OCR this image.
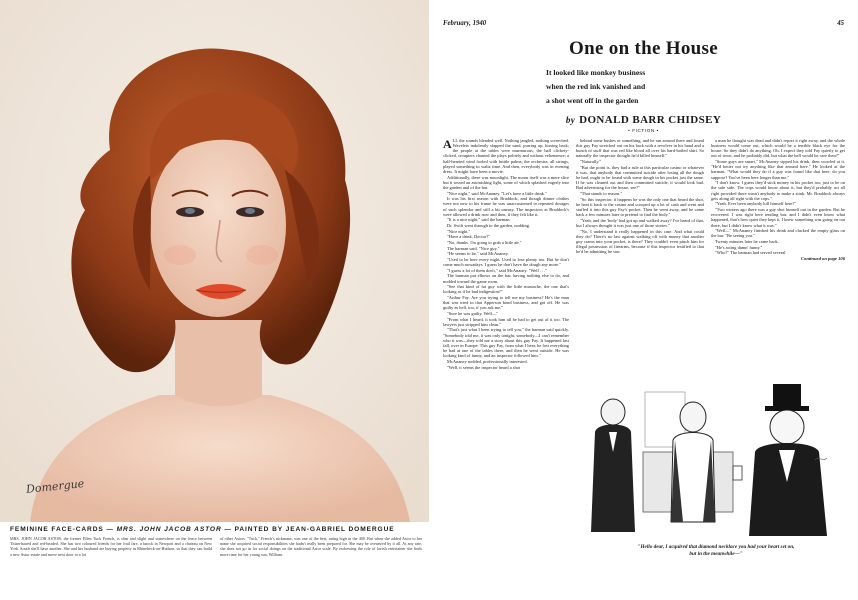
Domergue
FEMININE FACE-CARDS — MRS. JOHN JACOB ASTOR — PAINTED BY JEAN-GABRIEL DOMERGUE
MRS. JOHN JACOB ASTOR, the former Ellen Tuck French, is slim and slight and somewhere on the fence between Titian-haired and red-headed. She has two coloured friends for her frail fare, a knock in Newport and a chateau on New York. South she'll have another. She and her husband are buying property in Rhinebeck-on-Hudson, so that they can build a new Astor estate and move next door to a lot
of other Astors. "Tuck," French's nickname, was one of the best, rating high in the 400. But when she added Astor to her name she acquired social responsibilities she hadn't really been prepared for. She may be overawed by it all. At any rate, she does not go in for social doings on the traditional Astor scale. By eschewing the role of lavish entertainer she finds more time for her young son, William.
February, 1940	45
One on the House
It looked like monkey business
when the red ink vanished and
a shot went off in the garden
by DONALD BARR CHIDSEY
• FICTION •

ALL the sounds blended well. Nothing jangled, nothing screeched. Wavelets indolently slapped the sand, purring up, kissing back; the people at the tables were murmurous, the ball clickety-clicked, croupiers chanted the plays politely and without vehemence; a half-hearted wind fooled with brittle palms; the orchestra, all strings, played something in waltz time. And then, everybody was in evening dress. It might have been a movie.

Additionally, there was moonlight. The moon itself was a mere slice but it tossed an astonishing light, some of which splashed eagerly into the garden and of the bar.

"Nice night," said McAnaney. "Let's have a little drink."

It was his first season with Braddock, and though dinner clothes were not new to his frame he was unaccustomed to repeated dosages of such splendor and still a bit uneasy. The inspectors at Braddock's were allowed a drink now and then, if they felt like it.

"It is a nice night," said the barman.

Dr. Swift went through to the garden, nodding.

"Nice night."

"Have a drink, Doctor?"

"No, thanks. I'm going to grab a little air."

The barman said, "Nice guy."

"He seems to be," said McAnaney.

"Used to be here every night. Used to lose plenty too. But he don't come much nowadays. I guess he don't have the dough any more."

"I guess a lot of them don't," said McAnaney. "Well . . ."

The barman put elbows on the bar, having nothing else to do, and nodded toward the game room.

"See that kind of fat guy with the little mustache, the one that's looking as if he had indigestion?"

"Arthur Fay. Are you trying to tell me my business? He's the man that was tried in that Apperson bond business, and got off. He was guilty as hell, too, if you ask me."

"Sure he was guilty. Well—"

"From what I heard, it took him all he had to get out of it too. The lawyers just stripped him clean."

"That's just what I been trying to tell you," the barman said quickly. "Somebody told me, it was only tonight, somebody—I can't remember who it was—they told me a story about this guy Fay. It happened last fall, over in Europe. This guy Fay, from what I hear, he lost everything he had at one of the tables there, and then he went outside. He was looking kind of funny, and an inspector followed him."

McAnaney nodded, professionally interested.

"Well, it seems the inspector heard a shot

behind some bushes or something, and he ran around there and found this guy Fay stretched out on his back with a revolver in his hand and a bunch of stuff that was red like blood all over his hard-boiled shirt. So naturally the inspector thought he'd killed himself."

"Naturally."

"But the point is, they had a rule at this particular casino or whatever it was, that anybody that committed suicide after losing all the dough he had, ought to be found with some dough in his pocket just the same. If he was cleaned out and then committed suicide, it would look bad. Bad advertising for the house, see?"

"That stands to reason."

"So this inspector, it happens he was the only one that heard the shot, he beat it back to the casino and scooped up a lot of cash and went and stuffed it into this guy Fay's pocket. Then he went away, and he came back a few minutes later to pretend to find the body."

"Yeah, and the 'body' had got up and walked away? I've heard of that, but I always thought it was just one of those stories."

"No, I understand it really happened in this case. And what could they do? There's no law against walking off with money that another guy crams into your pocket, is there? They couldn't even pinch him for illegal possession of firearms, because if this inspector testified to that he'd be admitting he saw

a man he thought was dead and didn't report it right away, and the whole business would come out, which would be a terrible black eye for the house. So they didn't do anything. Oh, I expect they told Fay quietly to get out of town, and he probably did, but what the hell would he care then?"

"Some guys are smart," McAnaney sipped his drink, then scowled at it. "He'd better not try anything like that around here." He looked at the barman. "What would they do if a guy was found like that here, do you suppose? You've been here longer than me."

"I don't know. I guess they'd stick money in his pocket too, just to be on the safe side. The cops would know about it, but they'd probably act all right provided there wasn't anybody to make a stink. Mr. Braddock always gets along all right with the cops."

"Yeah. Ever been anybody kill himself here?"

"Two winters ago there was a guy shot himself out in the garden. But he recovered. I was right here tending bar, and I didn't even know what happened, that's how quiet they kept it. I knew something was going on out there, but I didn't know what it was."

"Well—" McAnaney finished his drink and clacked the empty glass on the bar. "Be seeing you."

Twenty minutes later he came back.

"He's acting damn' funny."

"Who?" The barman had served several

Continued on page 106
"Hello dear, I acquired that diamond necklace you had your heart set on,
but in the meanwhile—"
